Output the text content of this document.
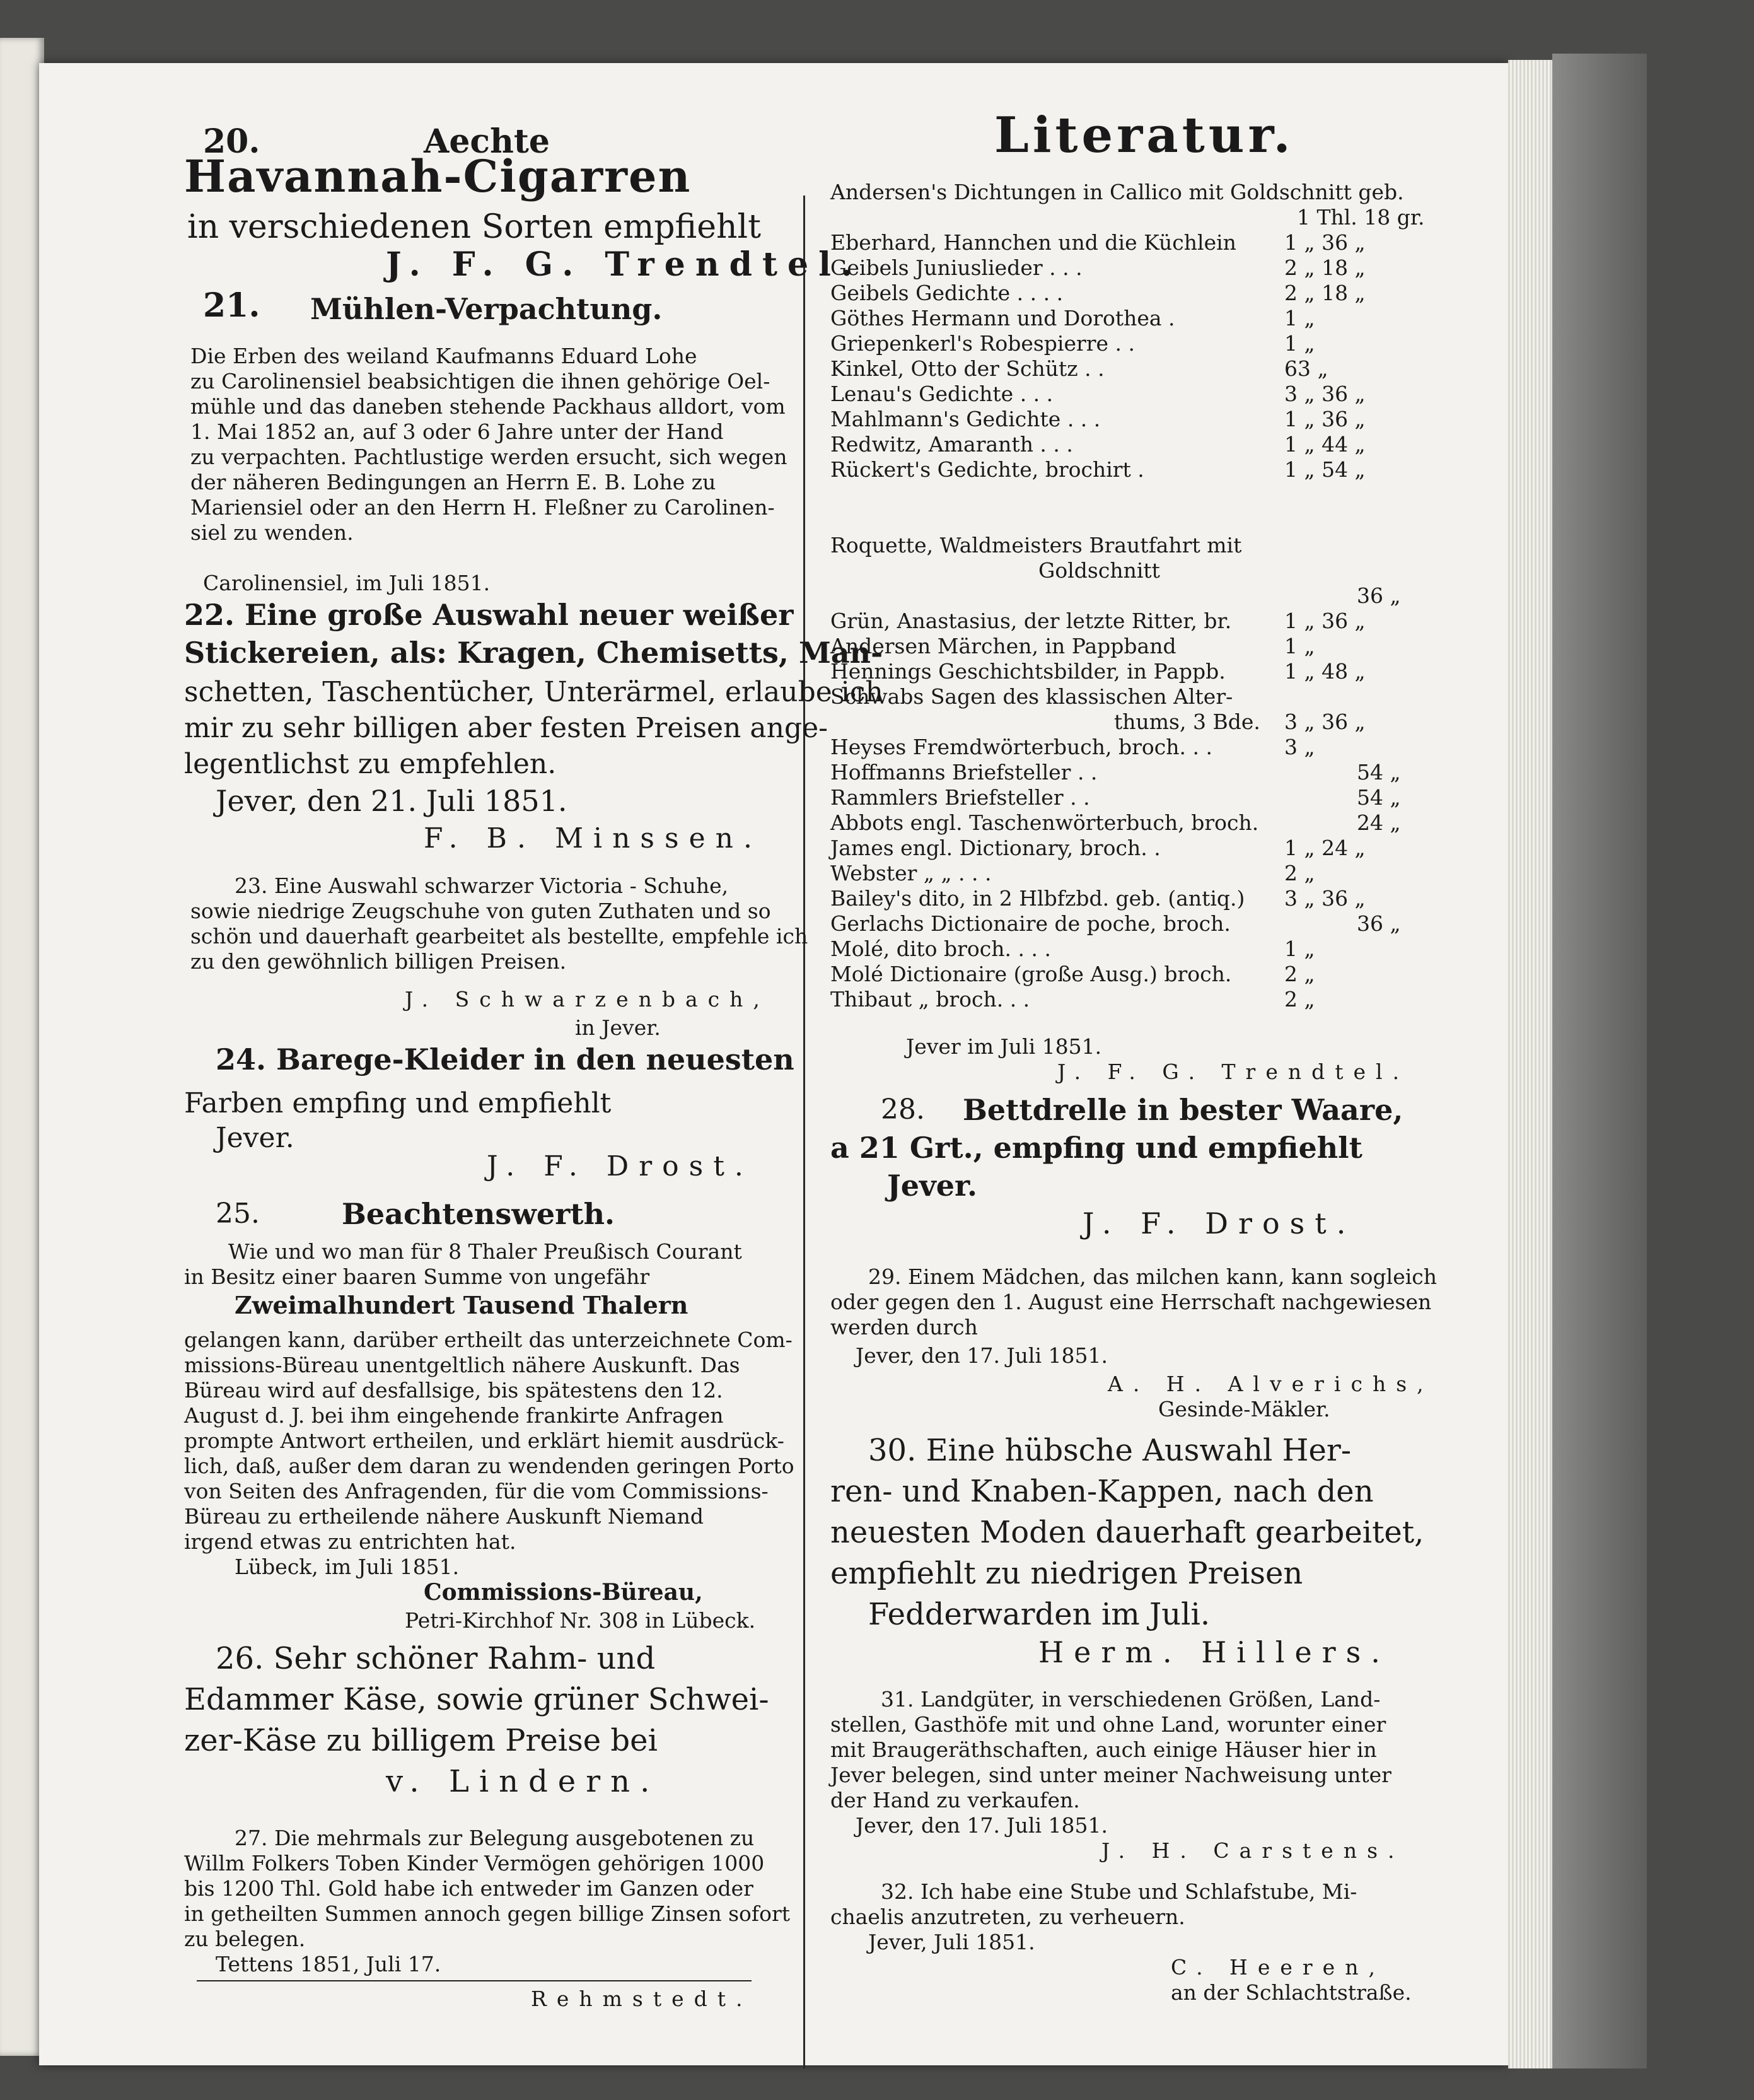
20.	Aechte
Havannah-Cigarren
in verschiedenen Sorten empfiehlt
J. F. G. Trendtel.
21. Mühlen-Verpachtung.
Die Erben des weiland Kaufmanns Eduard Lohe
zu Carolinensiel beabsichtigen die ihnen gehörige Oel-
mühle und das daneben stehende Packhaus alldort, vom
1. Mai 1852 an, auf 3 oder 6 Jahre unter der Hand
zu verpachten. Pachtlustige werden ersucht, sich wegen
der näheren Bedingungen an Herrn E. B. Lohe zu
Mariensiel oder an den Herrn H. Fleßner zu Carolinen-
siel zu wenden.
Carolinensiel, im Juli 1851.
22. Eine große Auswahl neuer weißer
Stickereien, als: Kragen, Chemisetts, Man-
schetten, Taschentücher, Unterärmel, erlaube ich
mir zu sehr billigen aber festen Preisen ange-
legentlichst zu empfehlen.
Jever, den 21. Juli 1851.
F. B. Minssen.
23. Eine Auswahl schwarzer Victoria - Schuhe,
sowie niedrige Zeugschuhe von guten Zuthaten und so
schön und dauerhaft gearbeitet als bestellte, empfehle ich
zu den gewöhnlich billigen Preisen.
J. Schwarzenbach,
in Jever.
24. Barege-Kleider in den neuesten
Farben empfing und empfiehlt
Jever.
J. F. Drost.
25.	Beachtenswerth.
Wie und wo man für 8 Thaler Preußisch Courant
in Besitz einer baaren Summe von ungefähr
Zweimalhundert Tausend Thalern
gelangen kann, darüber ertheilt das unterzeichnete Com-
missions-Büreau unentgeltlich nähere Auskunft. Das
Büreau wird auf desfallsige, bis spätestens den 12.
August d. J. bei ihm eingehende frankirte Anfragen
prompte Antwort ertheilen, und erklärt hiemit ausdrück-
lich, daß, außer dem daran zu wendenden geringen Porto
von Seiten des Anfragenden, für die vom Commissions-
Büreau zu ertheilende nähere Auskunft Niemand
irgend etwas zu entrichten hat.
Lübeck, im Juli 1851.
Commissions-Büreau,
Petri-Kirchhof Nr. 308 in Lübeck.
26. Sehr schöner Rahm- und
Edammer Käse, sowie grüner Schwei-
zer-Käse zu billigem Preise bei
v. Lindern.
27. Die mehrmals zur Belegung ausgebotenen zu
Willm Folkers Toben Kinder Vermögen gehörigen 1000
bis 1200 Thl. Gold habe ich entweder im Ganzen oder
in getheilten Summen annoch gegen billige Zinsen sofort
zu belegen.
Tettens 1851, Juli 17.
Rehmstedt.
Literatur.
Andersen's Dichtungen in Callico mit Goldschnitt geb.
1 Thl. 18 gr.
Eberhard, Hannchen und die Küchlein 1 „ 36 „
Geibels Juniuslieder . . .	2 „ 18 „
Geibels Gedichte . . . .	2 „ 18 „
Göthes Hermann und Dorothea .	1 „
Griepenkerl's Robespierre . .	1 „
Kinkel, Otto der Schütz . .	63 „
Lenau's Gedichte . . .	3 „ 36 „
Mahlmann's Gedichte . . .	1 „ 36 „
Redwitz, Amaranth . . .	1 „ 44 „
Rückert's Gedichte, brochirt .	1 „ 54 „
Roquette, Waldmeisters Brautfahrt mit
Goldschnitt
36 „
Grün, Anastasius, der letzte Ritter, br.	1 „ 36 „
Andersen Märchen, in Pappband	1 „
Hennings Geschichtsbilder, in Pappb.	1 „ 48 „
Schwabs Sagen des klassischen Alter-
thums, 3 Bde. 3 „ 36 „
Heyses Fremdwörterbuch, broch. . .	3 „
Hoffmanns Briefsteller . .	54 „
Rammlers Briefsteller . .	54 „
Abbots engl. Taschenwörterbuch, broch.	24 „
James engl. Dictionary, broch. .	1 „ 24 „
Webster „ „ . . .	2 „
Bailey's dito, in 2 Hlbfzbd. geb. (antiq.) 3 „ 36 „
Gerlachs Dictionaire de poche, broch.	36 „
Molé, dito broch. . . .	1 „
Molé Dictionaire (große Ausg.) broch.	2 „
Thibaut „ broch. . .	2 „
Jever im Juli 1851.
J. F. G. Trendtel.
28. Bettdrelle in bester Waare,
a 21 Grt., empfing und empfiehlt
Jever.
J. F. Drost.
29. Einem Mädchen, das milchen kann, kann sogleich
oder gegen den 1. August eine Herrschaft nachgewiesen
werden durch
Jever, den 17. Juli 1851.
A. H. Alverichs,
Gesinde-Mäkler.
30. Eine hübsche Auswahl Her-
ren- und Knaben-Kappen, nach den
neuesten Moden dauerhaft gearbeitet,
empfiehlt zu niedrigen Preisen
Fedderwarden im Juli.
Herm. Hillers.
31. Landgüter, in verschiedenen Größen, Land-
stellen, Gasthöfe mit und ohne Land, worunter einer
mit Braugeräthschaften, auch einige Häuser hier in
Jever belegen, sind unter meiner Nachweisung unter
der Hand zu verkaufen.
Jever, den 17. Juli 1851.
J. H. Carstens.
32. Ich habe eine Stube und Schlafstube, Mi-
chaelis anzutreten, zu verheuern.
Jever, Juli 1851.
C. Heeren,
an der Schlachtstraße.
